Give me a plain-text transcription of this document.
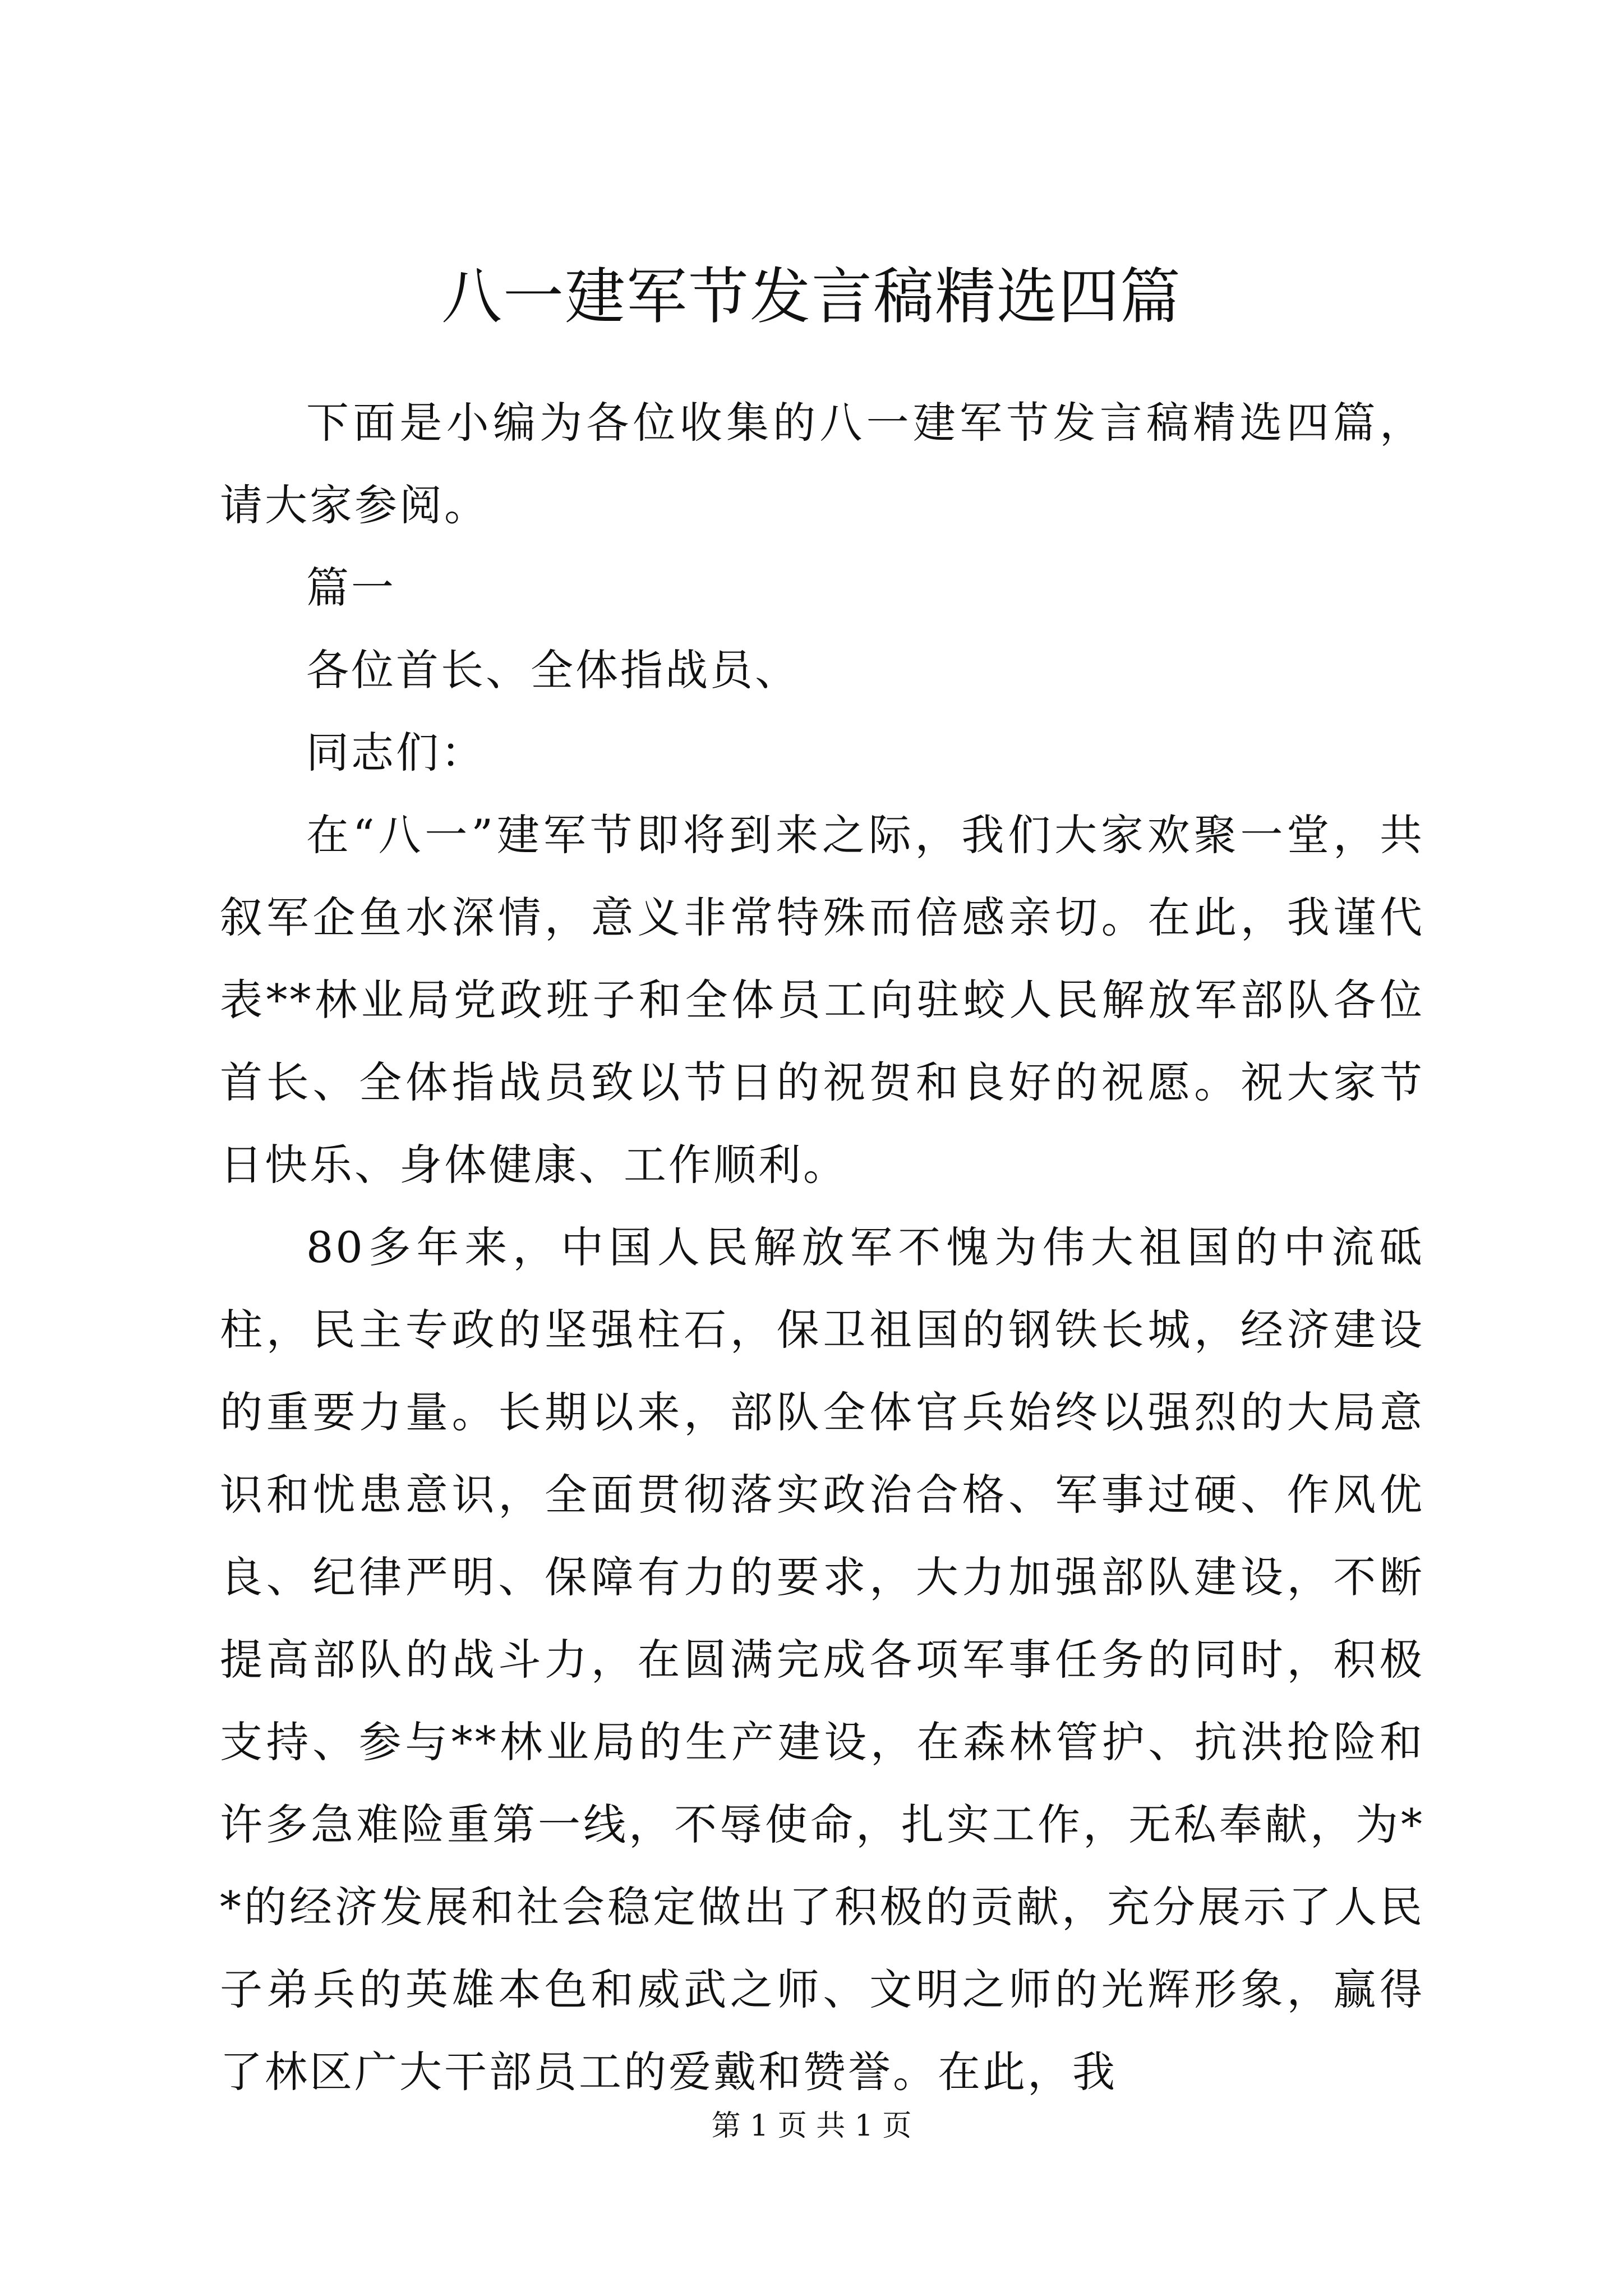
八一建军节发言稿精选四篇

下面是小编为各位收集的八一建军节发言稿精选四篇，请大家参阅。

篇一

各位首长、全体指战员、

同志们：

在“八一”建军节即将到来之际，我们大家欢聚一堂，共叙军企鱼水深情，意义非常特殊而倍感亲切。在此，我谨代表**林业局党政班子和全体员工向驻蛟人民解放军部队各位首长、全体指战员致以节日的祝贺和良好的祝愿。祝大家节日快乐、身体健康、工作顺利。

80多年来，中国人民解放军不愧为伟大祖国的中流砥柱，民主专政的坚强柱石，保卫祖国的钢铁长城，经济建设的重要力量。长期以来，部队全体官兵始终以强烈的大局意识和忧患意识，全面贯彻落实政治合格、军事过硬、作风优良、纪律严明、保障有力的要求，大力加强部队建设，不断提高部队的战斗力，在圆满完成各项军事任务的同时，积极支持、参与**林业局的生产建设，在森林管护、抗洪抢险和许多急难险重第一线，不辱使命，扎实工作，无私奉献，为**的经济发展和社会稳定做出了积极的贡献，充分展示了人民子弟兵的英雄本色和威武之师、文明之师的光辉形象，赢得了林区广大干部员工的爱戴和赞誉。在此，我

第 1 页 共 1 页
